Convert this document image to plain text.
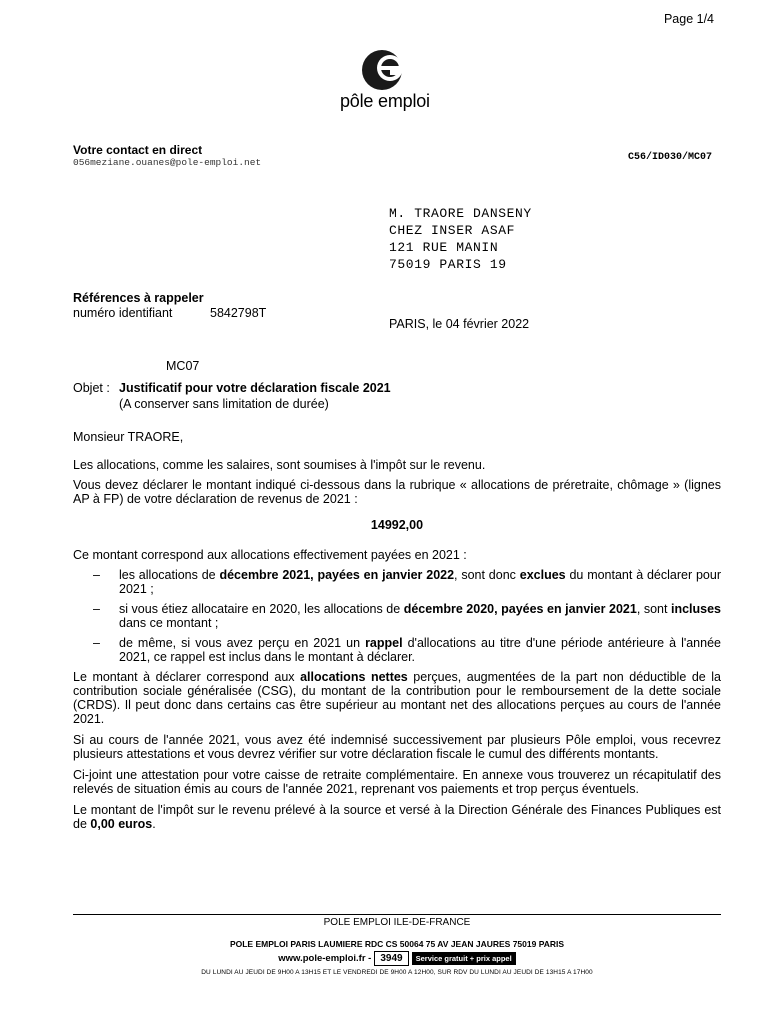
Page 1/4
pôle emploi
Votre contact en direct
056meziane.ouanes@pole-emploi.net	C56/ID030/MC07
M. TRAORE DANSENY
CHEZ INSER ASAF
121 RUE MANIN
75019 PARIS 19
Références à rappeler
numéro identifiant	5842798T
PARIS, le 04 février 2022
MC07
Objet : Justificatif pour votre déclaration fiscale 2021
(A conserver sans limitation de durée)
Monsieur TRAORE,

Les allocations, comme les salaires, sont soumises à l'impôt sur le revenu.

Vous devez déclarer le montant indiqué ci-dessous dans la rubrique « allocations de préretraite, chômage » (lignes AP à FP) de votre déclaration de revenus de 2021 :

14992,00

Ce montant correspond aux allocations effectivement payées en 2021 :

– les allocations de décembre 2021, payées en janvier 2022, sont donc exclues du montant à déclarer pour 2021 ;
– si vous étiez allocataire en 2020, les allocations de décembre 2020, payées en janvier 2021, sont incluses dans ce montant ;
– de même, si vous avez perçu en 2021 un rappel d'allocations au titre d'une période antérieure à l'année 2021, ce rappel est inclus dans le montant à déclarer.

Le montant à déclarer correspond aux allocations nettes perçues, augmentées de la part non déductible de la contribution sociale généralisée (CSG), du montant de la contribution pour le remboursement de la dette sociale (CRDS). Il peut donc dans certains cas être supérieur au montant net des allocations perçues au cours de l'année 2021.

Si au cours de l'année 2021, vous avez été indemnisé successivement par plusieurs Pôle emploi, vous recevrez plusieurs attestations et vous devrez vérifier sur votre déclaration fiscale le cumul des différents montants.

Ci-joint une attestation pour votre caisse de retraite complémentaire. En annexe vous trouverez un récapitulatif des relevés de situation émis au cours de l'année 2021, reprenant vos paiements et trop perçus éventuels.

Le montant de l'impôt sur le revenu prélevé à la source et versé à la Direction Générale des Finances Publiques est de 0,00 euros.

POLE EMPLOI ILE-DE-FRANCE
POLE EMPLOI PARIS LAUMIERE RDC CS 50064 75 AV JEAN JAURES 75019 PARIS
www.pole-emploi.fr - 3949	Service gratuit + prix appel
DU LUNDI AU JEUDI DE 9H00 A 13H15 ET LE VENDREDI DE 9H00 A 12H00, SUR RDV DU LUNDI AU JEUDI DE 13H15 A 17H00
